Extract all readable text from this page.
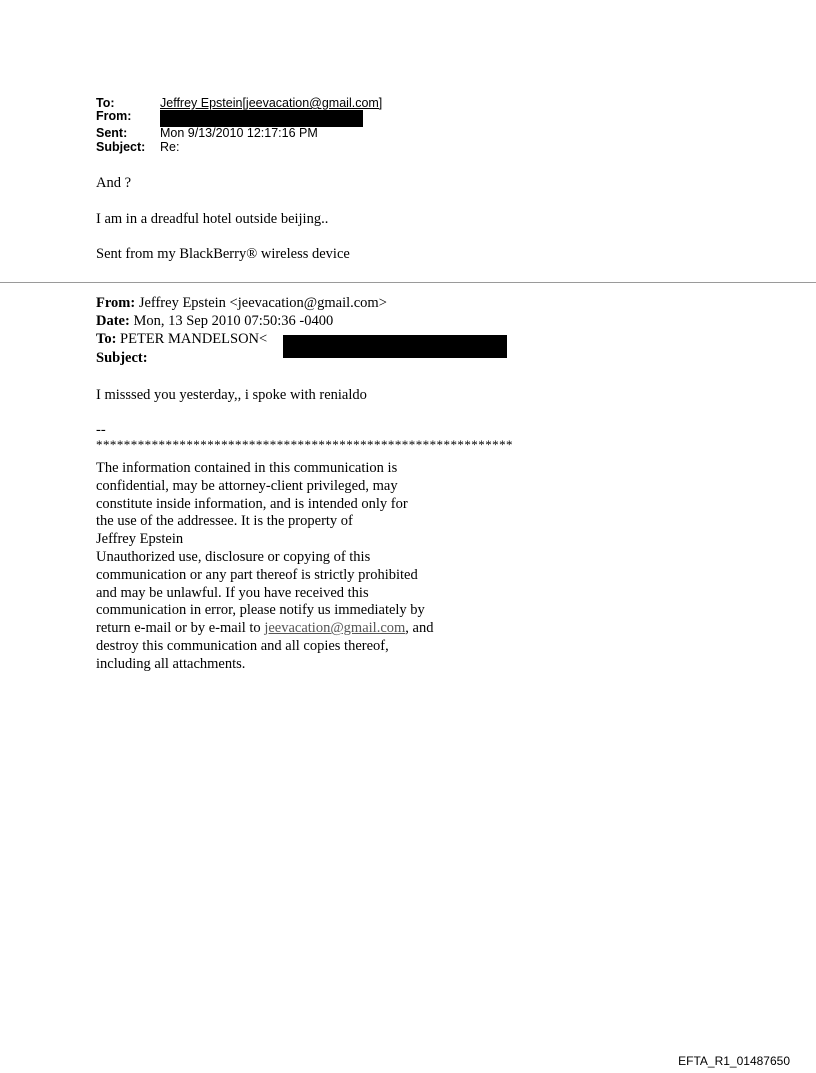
To:	Jeffrey Epstein[jeevacation@gmail.com]
From:
Sent:	Mon 9/13/2010 12:17:16 PM
Subject:	Re:
And ?
I am in a dreadful hotel outside beijing..
Sent from my BlackBerry® wireless device
From: Jeffrey Epstein <jeevacation@gmail.com>
Date: Mon, 13 Sep 2010 07:50:36 -0400
To: PETER MANDELSON<
Subject:
I misssed you yesterday,, i spoke with renialdo
--
************************************************************
The information contained in this communication is
confidential, may be attorney-client privileged, may
constitute inside information, and is intended only for
the use of the addressee. It is the property of
Jeffrey Epstein
Unauthorized use, disclosure or copying of this
communication or any part thereof is strictly prohibited
and may be unlawful. If you have received this
communication in error, please notify us immediately by
return e-mail or by e-mail to jeevacation@gmail.com, and
destroy this communication and all copies thereof,
including all attachments.
EFTA_R1_01487650
